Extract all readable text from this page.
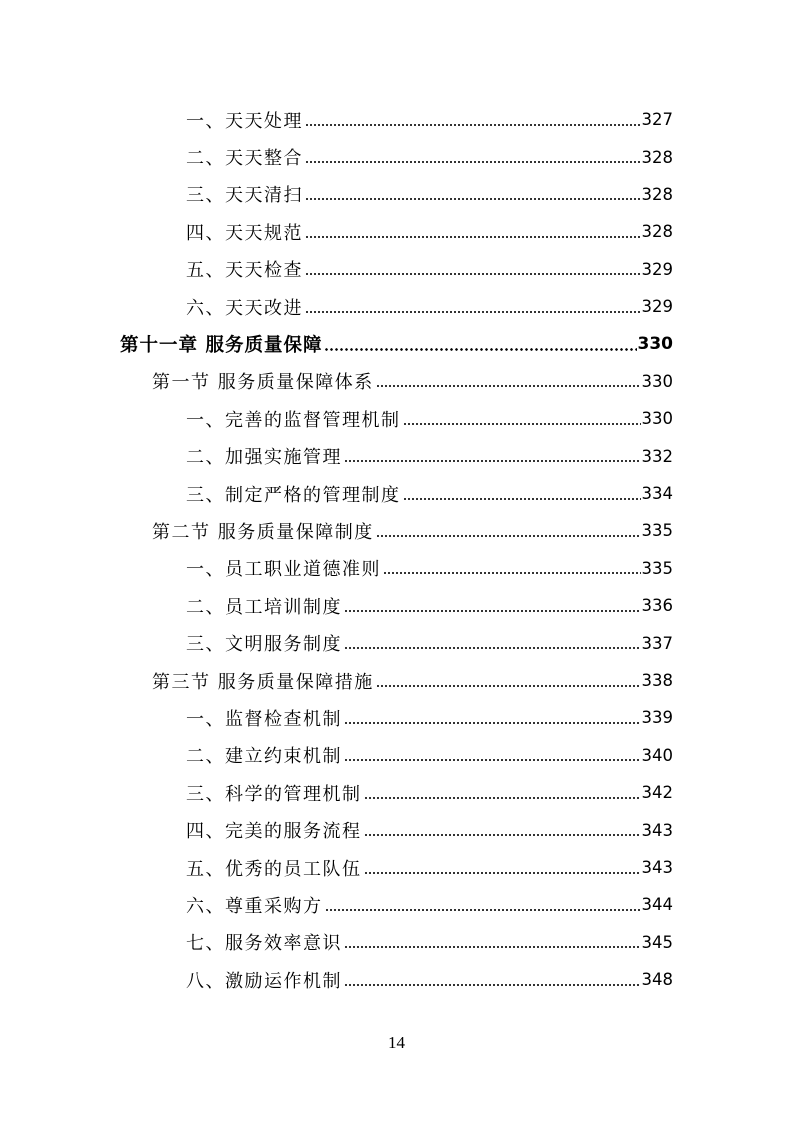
一、天天处理	327
二、天天整合	328
三、天天清扫	328
四、天天规范	328
五、天天检查	329
六、天天改进	329
第十一章 服务质量保障	330
第一节 服务质量保障体系	330
一、完善的监督管理机制	330
二、加强实施管理	332
三、制定严格的管理制度	334
第二节 服务质量保障制度	335
一、员工职业道德准则	335
二、员工培训制度	336
三、文明服务制度	337
第三节 服务质量保障措施	338
一、监督检查机制	339
二、建立约束机制	340
三、科学的管理机制	342
四、完美的服务流程	343
五、优秀的员工队伍	343
六、尊重采购方	344
七、服务效率意识	345
八、激励运作机制	348
14
